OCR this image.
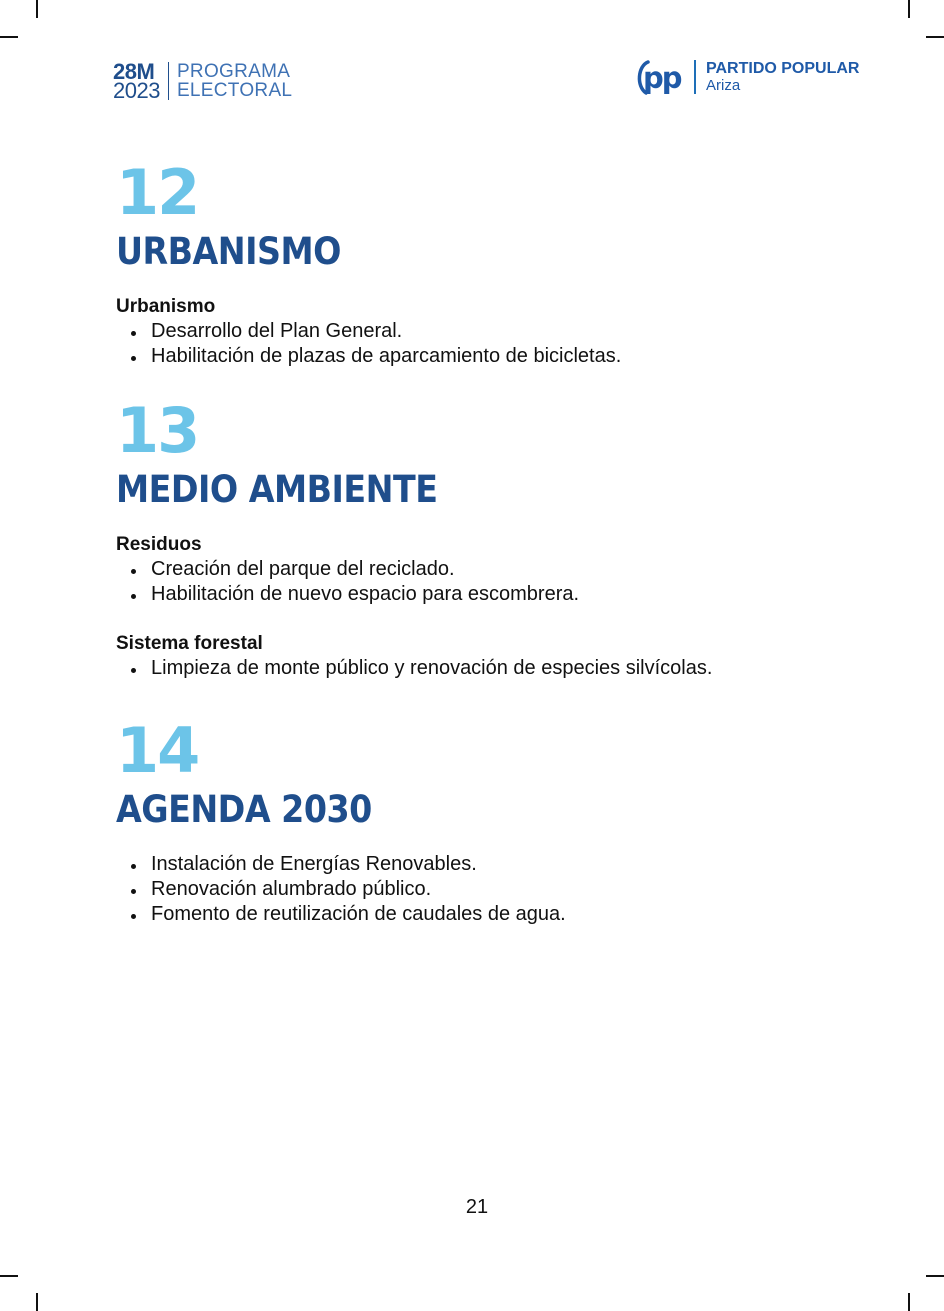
28M
2023
PROGRAMA
ELECTORAL	pp PARTIDO POPULAR
Ariza
12
URBANISMO
Urbanismo
Desarrollo del Plan General.
Habilitación de plazas de aparcamiento de bicicletas.
13
MEDIO AMBIENTE
Residuos
Creación del parque del reciclado.
Habilitación de nuevo espacio para escombrera.
Sistema forestal
Limpieza de monte público y renovación de especies silvícolas.
14
AGENDA 2030
Instalación de Energías Renovables.
Renovación alumbrado público.
Fomento de reutilización de caudales de agua.
21
